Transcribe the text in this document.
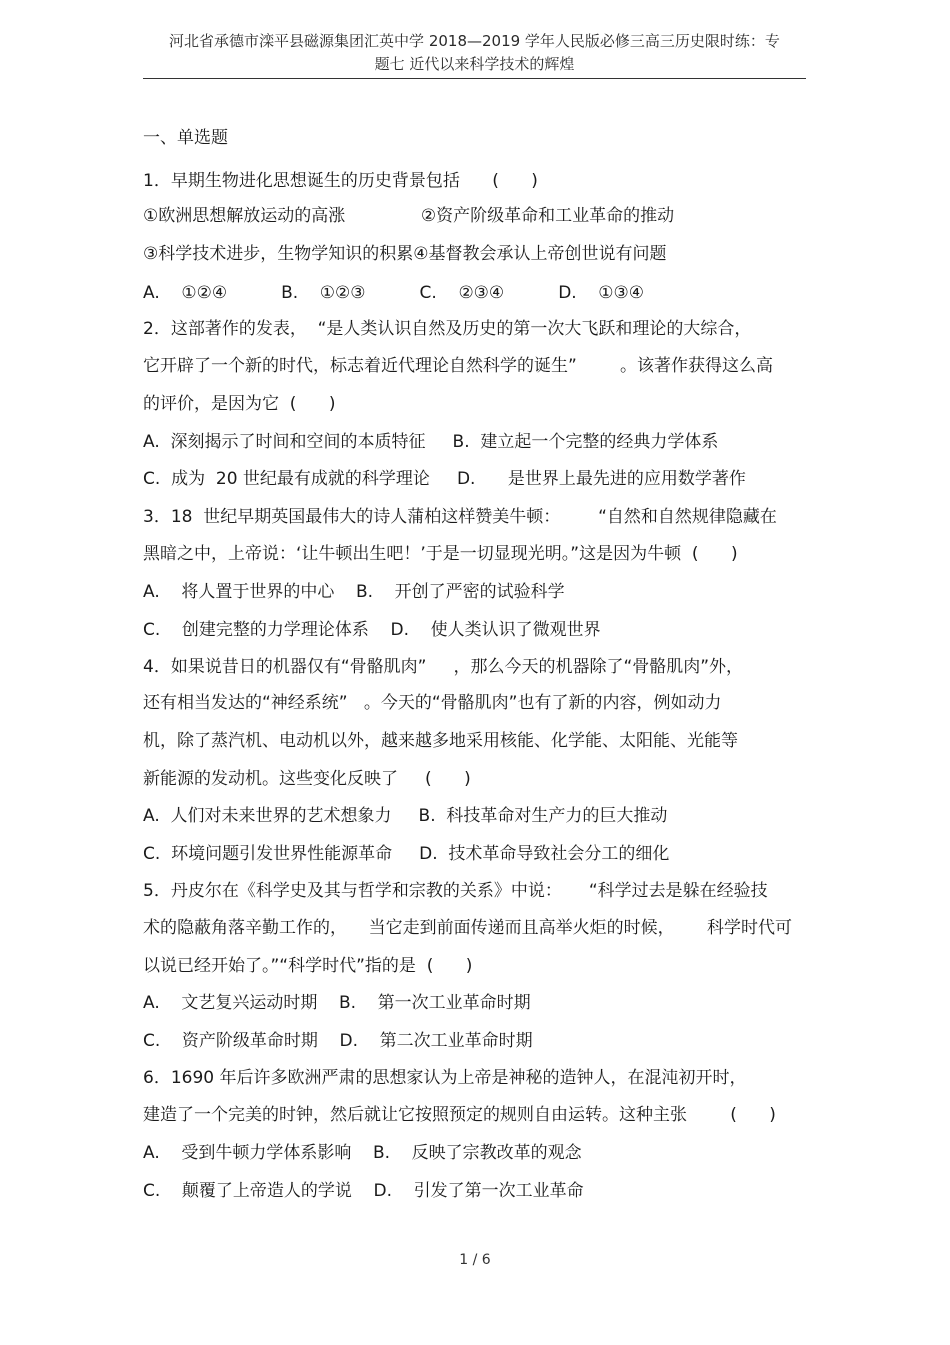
河北省承德市滦平县磁源集团汇英中学 2018—2019 学年人民版必修三高三历史限时练：专
题七 近代以来科学技术的辉煌
一、单选题
1．早期生物进化思想诞生的历史背景包括      (      )
①欧洲思想解放运动的高涨              ②资产阶级革命和工业革命的推动
③科学技术进步，生物学知识的积累④基督教会承认上帝创世说有问题
A.    ①②④          B.    ①②③          C.    ②③④          D.    ①③④
2．这部著作的发表，  “是人类认识自然及历史的第一次大飞跃和理论的大综合，
它开辟了一个新的时代，标志着近代理论自然科学的诞生”        。该著作获得这么高
的评价，是因为它  (      )
A.  深刻揭示了时间和空间的本质特征     B.  建立起一个完整的经典力学体系
C.  成为  20 世纪最有成就的科学理论     D.      是世界上最先进的应用数学著作
3．18  世纪早期英国最伟大的诗人蒲柏这样赞美牛顿：       “自然和自然规律隐藏在
黑暗之中，上帝说：‘让牛顿出生吧！’于是一切显现光明。”这是因为牛顿  (      )
A.    将人置于世界的中心    B.    开创了严密的试验科学
C.    创建完整的力学理论体系    D.    使人类认识了微观世界
4．如果说昔日的机器仅有“骨骼肌肉”     ，那么今天的机器除了“骨骼肌肉”外，
还有相当发达的“神经系统”   。今天的“骨骼肌肉”也有了新的内容，例如动力
机，除了蒸汽机、电动机以外，越来越多地采用核能、化学能、太阳能、光能等
新能源的发动机。这些变化反映了     (      )
A.  人们对未来世界的艺术想象力     B.  科技革命对生产力的巨大推动
C.  环境问题引发世界性能源革命     D.  技术革命导致社会分工的细化
5．丹皮尔在《科学史及其与哲学和宗教的关系》中说：     “科学过去是躲在经验技
术的隐蔽角落辛勤工作的，    当它走到前面传递而且高举火炬的时候，      科学时代可
以说已经开始了。”“科学时代”指的是  (      )
A.    文艺复兴运动时期    B.    第一次工业革命时期
C.    资产阶级革命时期    D.    第二次工业革命时期
6．1690 年后许多欧洲严肃的思想家认为上帝是神秘的造钟人，在混沌初开时，
建造了一个完美的时钟，然后就让它按照预定的规则自由运转。这种主张        (      )
A.    受到牛顿力学体系影响    B.    反映了宗教改革的观念
C.    颠覆了上帝造人的学说    D.    引发了第一次工业革命
1 / 6
